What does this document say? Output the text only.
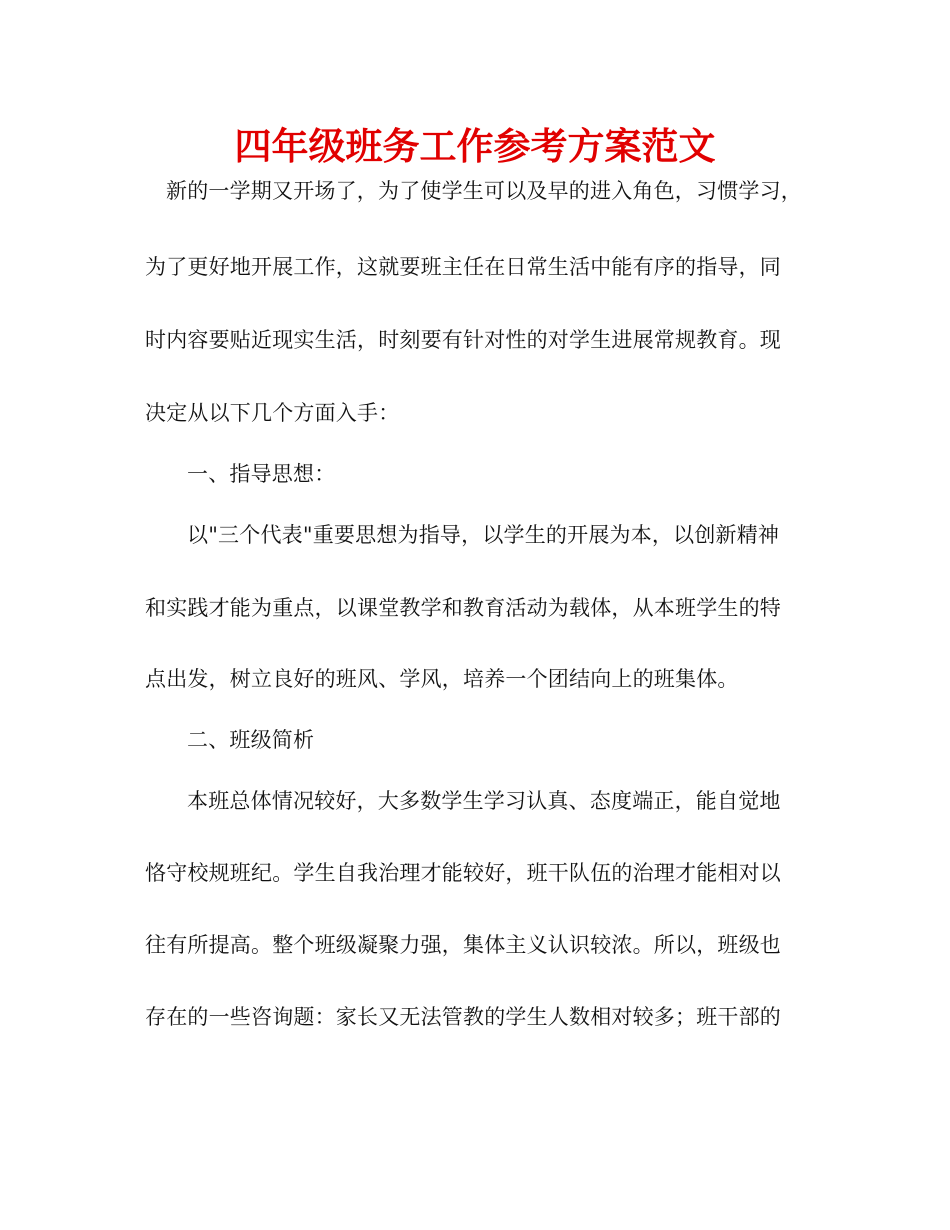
四年级班务工作参考方案范文
新的一学期又开场了，为了使学生可以及早的进入角色，习惯学习，
为了更好地开展工作，这就要班主任在日常生活中能有序的指导，同
时内容要贴近现实生活，时刻要有针对性的对学生进展常规教育。现
决定从以下几个方面入手：
一、指导思想：
以"三个代表"重要思想为指导，以学生的开展为本，以创新精神
和实践才能为重点，以课堂教学和教育活动为载体，从本班学生的特
点出发，树立良好的班风、学风，培养一个团结向上的班集体。
二、班级简析
本班总体情况较好，大多数学生学习认真、态度端正，能自觉地
恪守校规班纪。学生自我治理才能较好，班干队伍的治理才能相对以
往有所提高。整个班级凝聚力强，集体主义认识较浓。所以，班级也
存在的一些咨询题：家长又无法管教的学生人数相对较多；班干部的
